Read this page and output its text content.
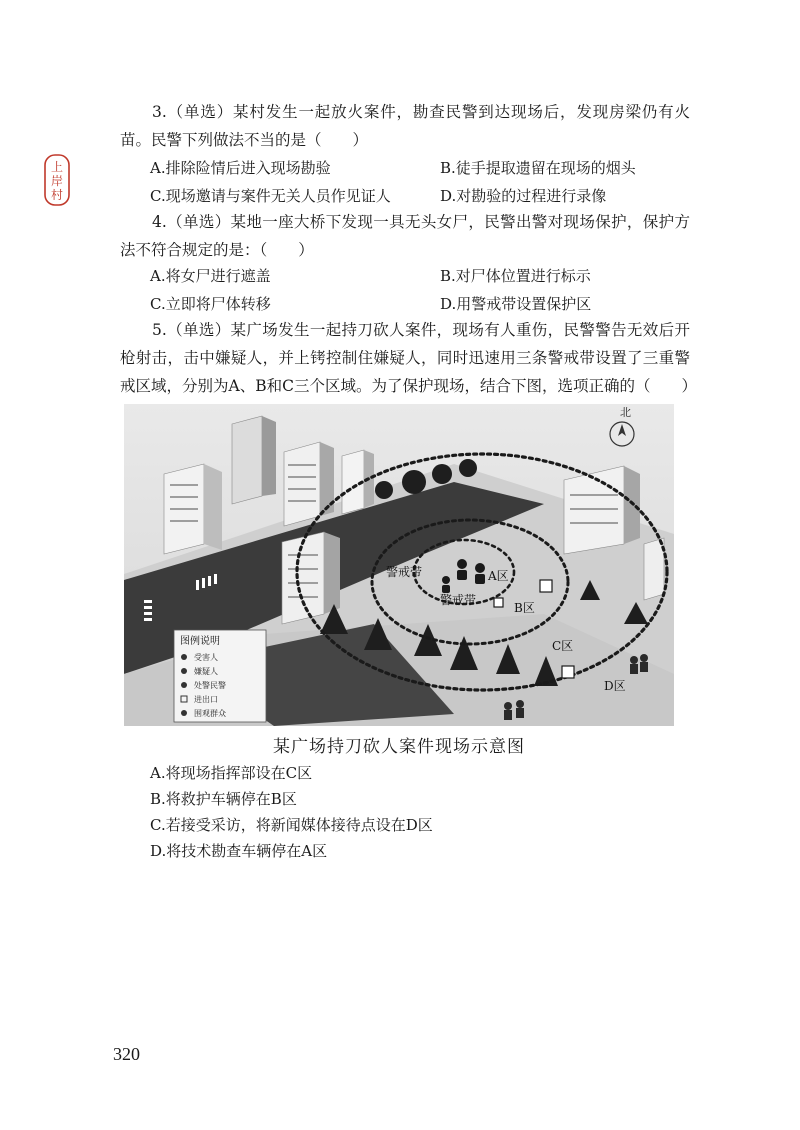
上
岸
村
3.（单选）某村发生一起放火案件，勘查民警到达现场后，发现房梁仍有火苗。民警下列做法不当的是（　　）
A.排除险情后进入现场勘验	B.徒手提取遗留在现场的烟头
C.现场邀请与案件无关人员作见证人	D.对勘验的过程进行录像
4.（单选）某地一座大桥下发现一具无头女尸，民警出警对现场保护，保护方法不符合规定的是：（　　）
A.将女尸进行遮盖	B.对尸体位置进行标示
C.立即将尸体转移	D.用警戒带设置保护区
5.（单选）某广场发生一起持刀砍人案件，现场有人重伤，民警警告无效后开枪射击，击中嫌疑人，并上铐控制住嫌疑人，同时迅速用三条警戒带设置了三重警戒区域，分别为A、B和C三个区域。为了保护现场，结合下图，选项正确的（　　）
北
警戒带
警戒带
A区
B区
C区
D区
图例说明
受害人
嫌疑人
处警民警
进出口
围观群众
某广场持刀砍人案件现场示意图
A.将现场指挥部设在C区
B.将救护车辆停在B区
C.若接受采访，将新闻媒体接待点设在D区
D.将技术勘查车辆停在A区
320
